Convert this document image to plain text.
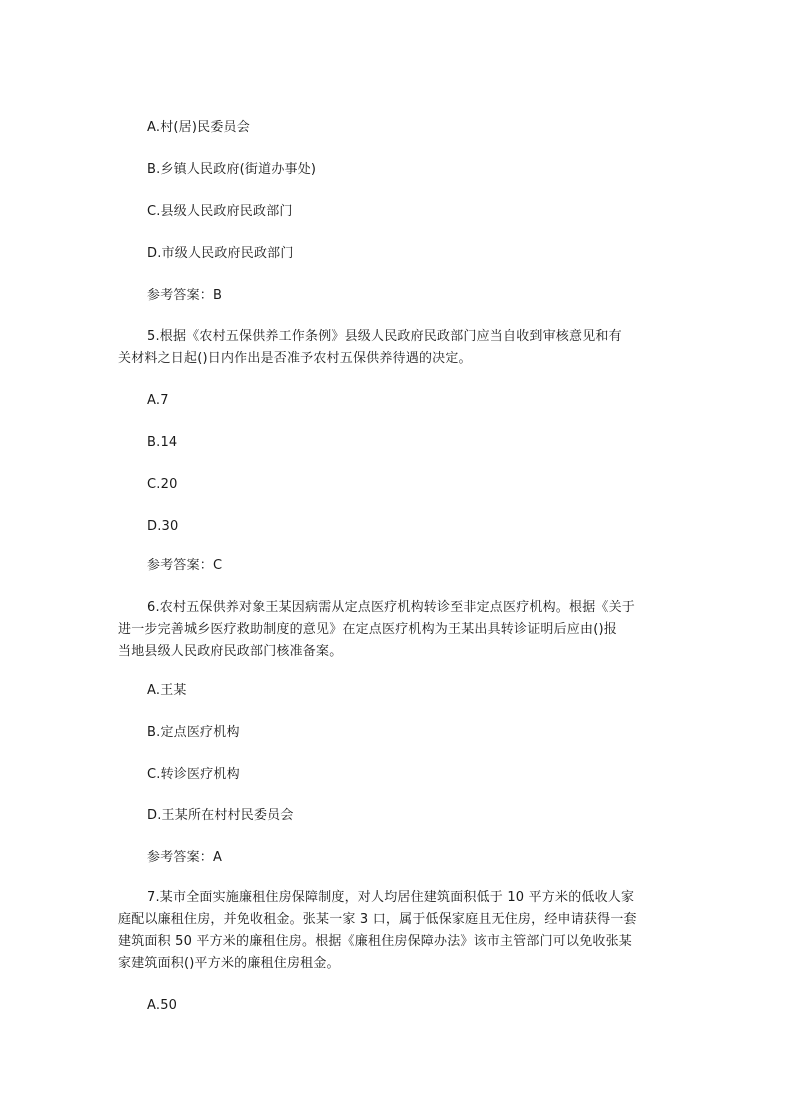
A.村(居)民委员会
B.乡镇人民政府(街道办事处)
C.县级人民政府民政部门
D.市级人民政府民政部门
参考答案：B
5.根据《农村五保供养工作条例》县级人民政府民政部门应当自收到审核意见和有
关材料之日起()日内作出是否准予农村五保供养待遇的决定。
A.7
B.14
C.20
D.30
参考答案：C
6.农村五保供养对象王某因病需从定点医疗机构转诊至非定点医疗机构。根据《关于
进一步完善城乡医疗救助制度的意见》在定点医疗机构为王某出具转诊证明后应由()报
当地县级人民政府民政部门核准备案。
A.王某
B.定点医疗机构
C.转诊医疗机构
D.王某所在村村民委员会
参考答案：A
7.某市全面实施廉租住房保障制度，对人均居住建筑面积低于 10 平方米的低收人家
庭配以廉租住房，并免收租金。张某一家 3 口，属于低保家庭且无住房，经申请获得一套
建筑面积 50 平方米的廉租住房。根据《廉租住房保障办法》该市主管部门可以免收张某
家建筑面积()平方米的廉租住房租金。
A.50
